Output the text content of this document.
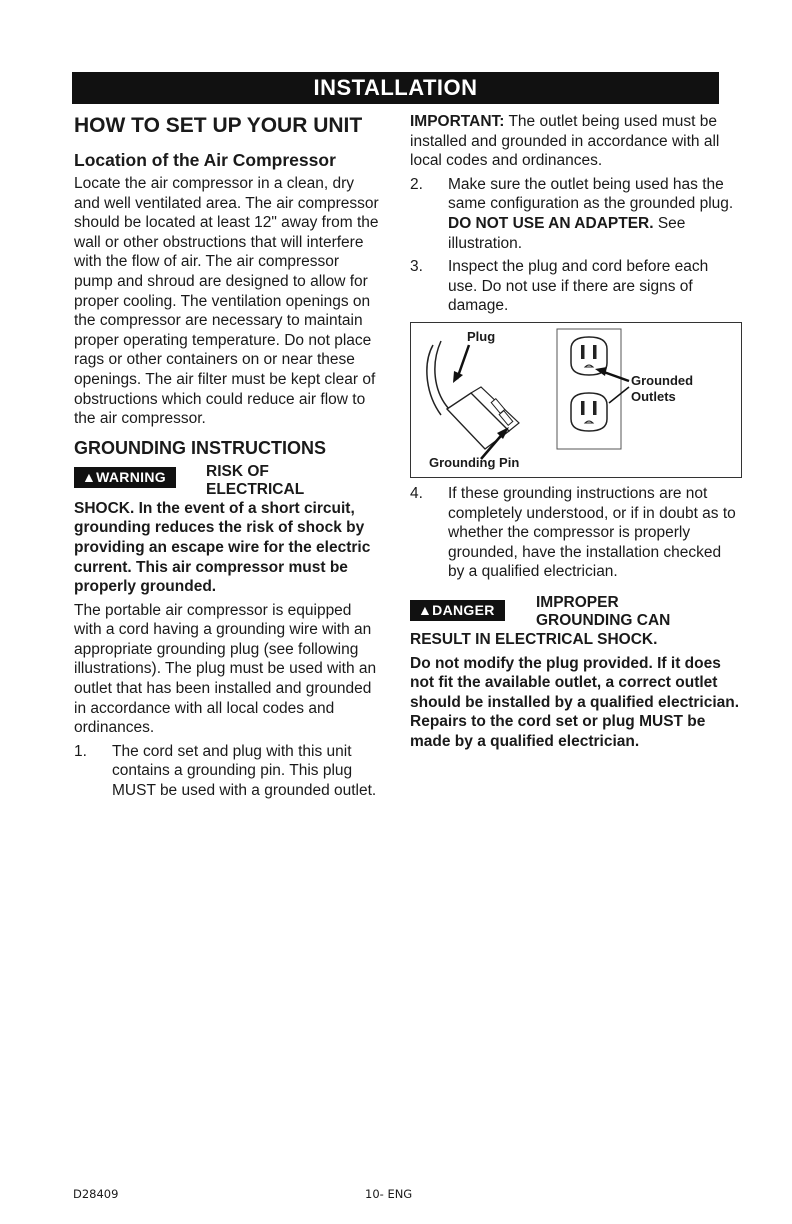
INSTALLATION
HOW TO SET UP YOUR UNIT
Location of the Air Compressor

Locate the air compressor in a clean, dry and well ventilated area. The air compressor should be located at least 12" away from the wall or other obstructions that will interfere with the flow of air. The air compressor pump and shroud are designed to allow for proper cooling. The ventilation openings on the compressor are necessary to maintain proper operating temperature. Do not place rags or other containers on or near these openings. The air filter must be kept clear of obstructions which could reduce air flow to the air compressor.

GROUNDING INSTRUCTIONS
▲WARNING	RISK OF
ELECTRICAL

SHOCK. In the event of a short circuit, grounding reduces the risk of shock by providing an escape wire for the electric current. This air compressor must be properly grounded.

The portable air compressor is equipped with a cord having a grounding wire with an appropriate grounding plug (see following illustrations). The plug must be used with an outlet that has been installed and grounded in accordance with all local codes and ordinances.

1. The cord set and plug with this unit contains a grounding pin. This plug MUST be used with a grounded outlet.

IMPORTANT: The outlet being used must be installed and grounded in accordance with all local codes and ordinances.

2. Make sure the outlet being used has the same configuration as the grounded plug. DO NOT USE AN ADAPTER. See illustration.
3. Inspect the plug and cord before each use. Do not use if there are signs of damage.
Plug
Grounded
Outlets
Grounding Pin
4. If these grounding instructions are not completely understood, or if in doubt as to whether the compressor is properly grounded, have the installation checked by a qualified electrician.
▲DANGER	IMPROPER
GROUNDING CAN

RESULT IN ELECTRICAL SHOCK.

Do not modify the plug provided. If it does not fit the available outlet, a correct outlet should be installed by a qualified electrician. Repairs to the cord set or plug MUST be made by a qualified electrician.

D28409	10- ENG
